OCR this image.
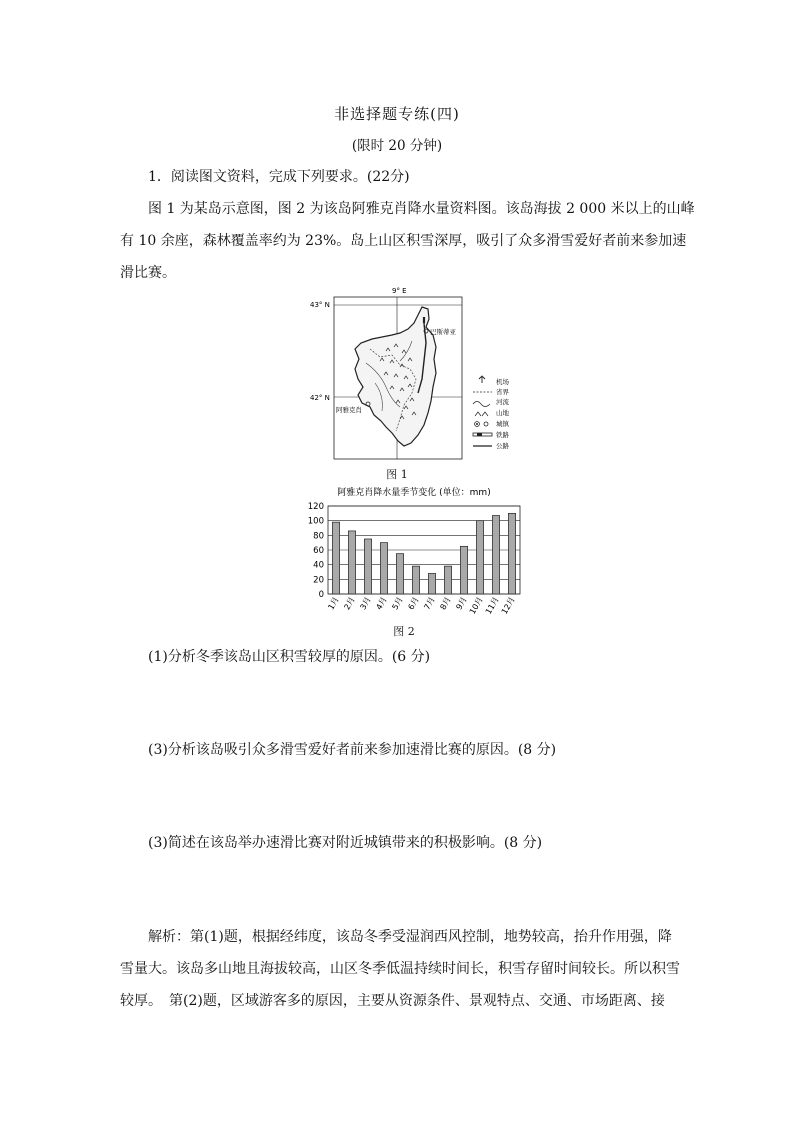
非选择题专练(四)
(限时 20 分钟)
1．阅读图文资料，完成下列要求。(22分)
图 1 为某岛示意图，图 2 为该岛阿雅克肖降水量资料图。该岛海拔 2 000 米以上的山峰
有 10 余座，森林覆盖率约为 23%。岛上山区积雪深厚，吸引了众多滑雪爱好者前来参加速
滑比赛。
9° E
43° N
42° N
巴斯蒂亚
阿雅克肖
机场
省界
河流
山地
城镇
铁路
公路
图 1
阿雅克肖降水量季节变化 (单位：mm)
0
20
40
60
80
100
120
1月 2月 3月 4月 5月 6月 7月 8月 9月 10月 11月 12月
图 2
(1)分析冬季该岛山区积雪较厚的原因。(6 分)
(3)分析该岛吸引众多滑雪爱好者前来参加速滑比赛的原因。(8 分)
(3)简述在该岛举办速滑比赛对附近城镇带来的积极影响。(8 分)
解析：第(1)题，根据经纬度，该岛冬季受湿润西风控制，地势较高，抬升作用强，降
雪量大。该岛多山地且海拔较高，山区冬季低温持续时间长，积雪存留时间较长。所以积雪
较厚。　第(2)题，区域游客多的原因，主要从资源条件、景观特点、交通、市场距离、接
